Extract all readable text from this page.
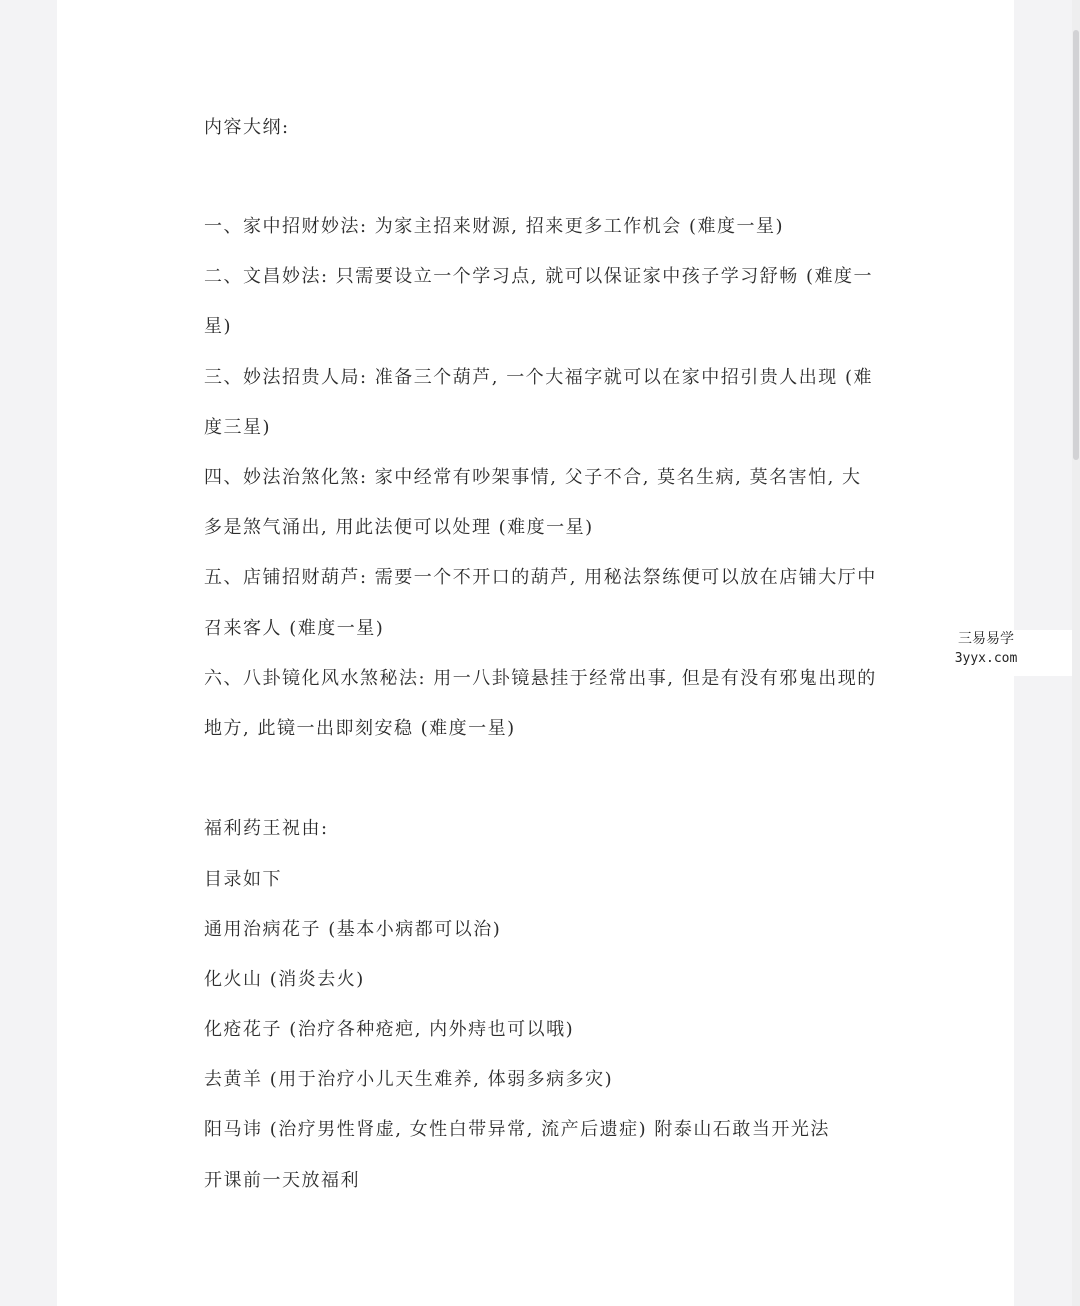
内容大纲:

一、家中招财妙法: 为家主招来财源, 招来更多工作机会 (难度一星)

二、文昌妙法: 只需要设立一个学习点, 就可以保证家中孩子学习舒畅 (难度一

星)

三、妙法招贵人局: 准备三个葫芦, 一个大福字就可以在家中招引贵人出现 (难

度三星)

四、妙法治煞化煞: 家中经常有吵架事情, 父子不合, 莫名生病, 莫名害怕, 大

多是煞气涌出, 用此法便可以处理 (难度一星)

五、店铺招财葫芦: 需要一个不开口的葫芦, 用秘法祭练便可以放在店铺大厅中

召来客人 (难度一星)

六、八卦镜化风水煞秘法: 用一八卦镜悬挂于经常出事, 但是有没有邪鬼出现的

地方, 此镜一出即刻安稳 (难度一星)

福利药王祝由:

目录如下

通用治病花子 (基本小病都可以治)

化火山 (消炎去火)

化疮花子 (治疗各种疮疤, 内外痔也可以哦)

去黄羊 (用于治疗小儿天生难养, 体弱多病多灾)

阳马讳 (治疗男性肾虚, 女性白带异常, 流产后遗症) 附泰山石敢当开光法

开课前一天放福利

三易易学
3yyx.com
